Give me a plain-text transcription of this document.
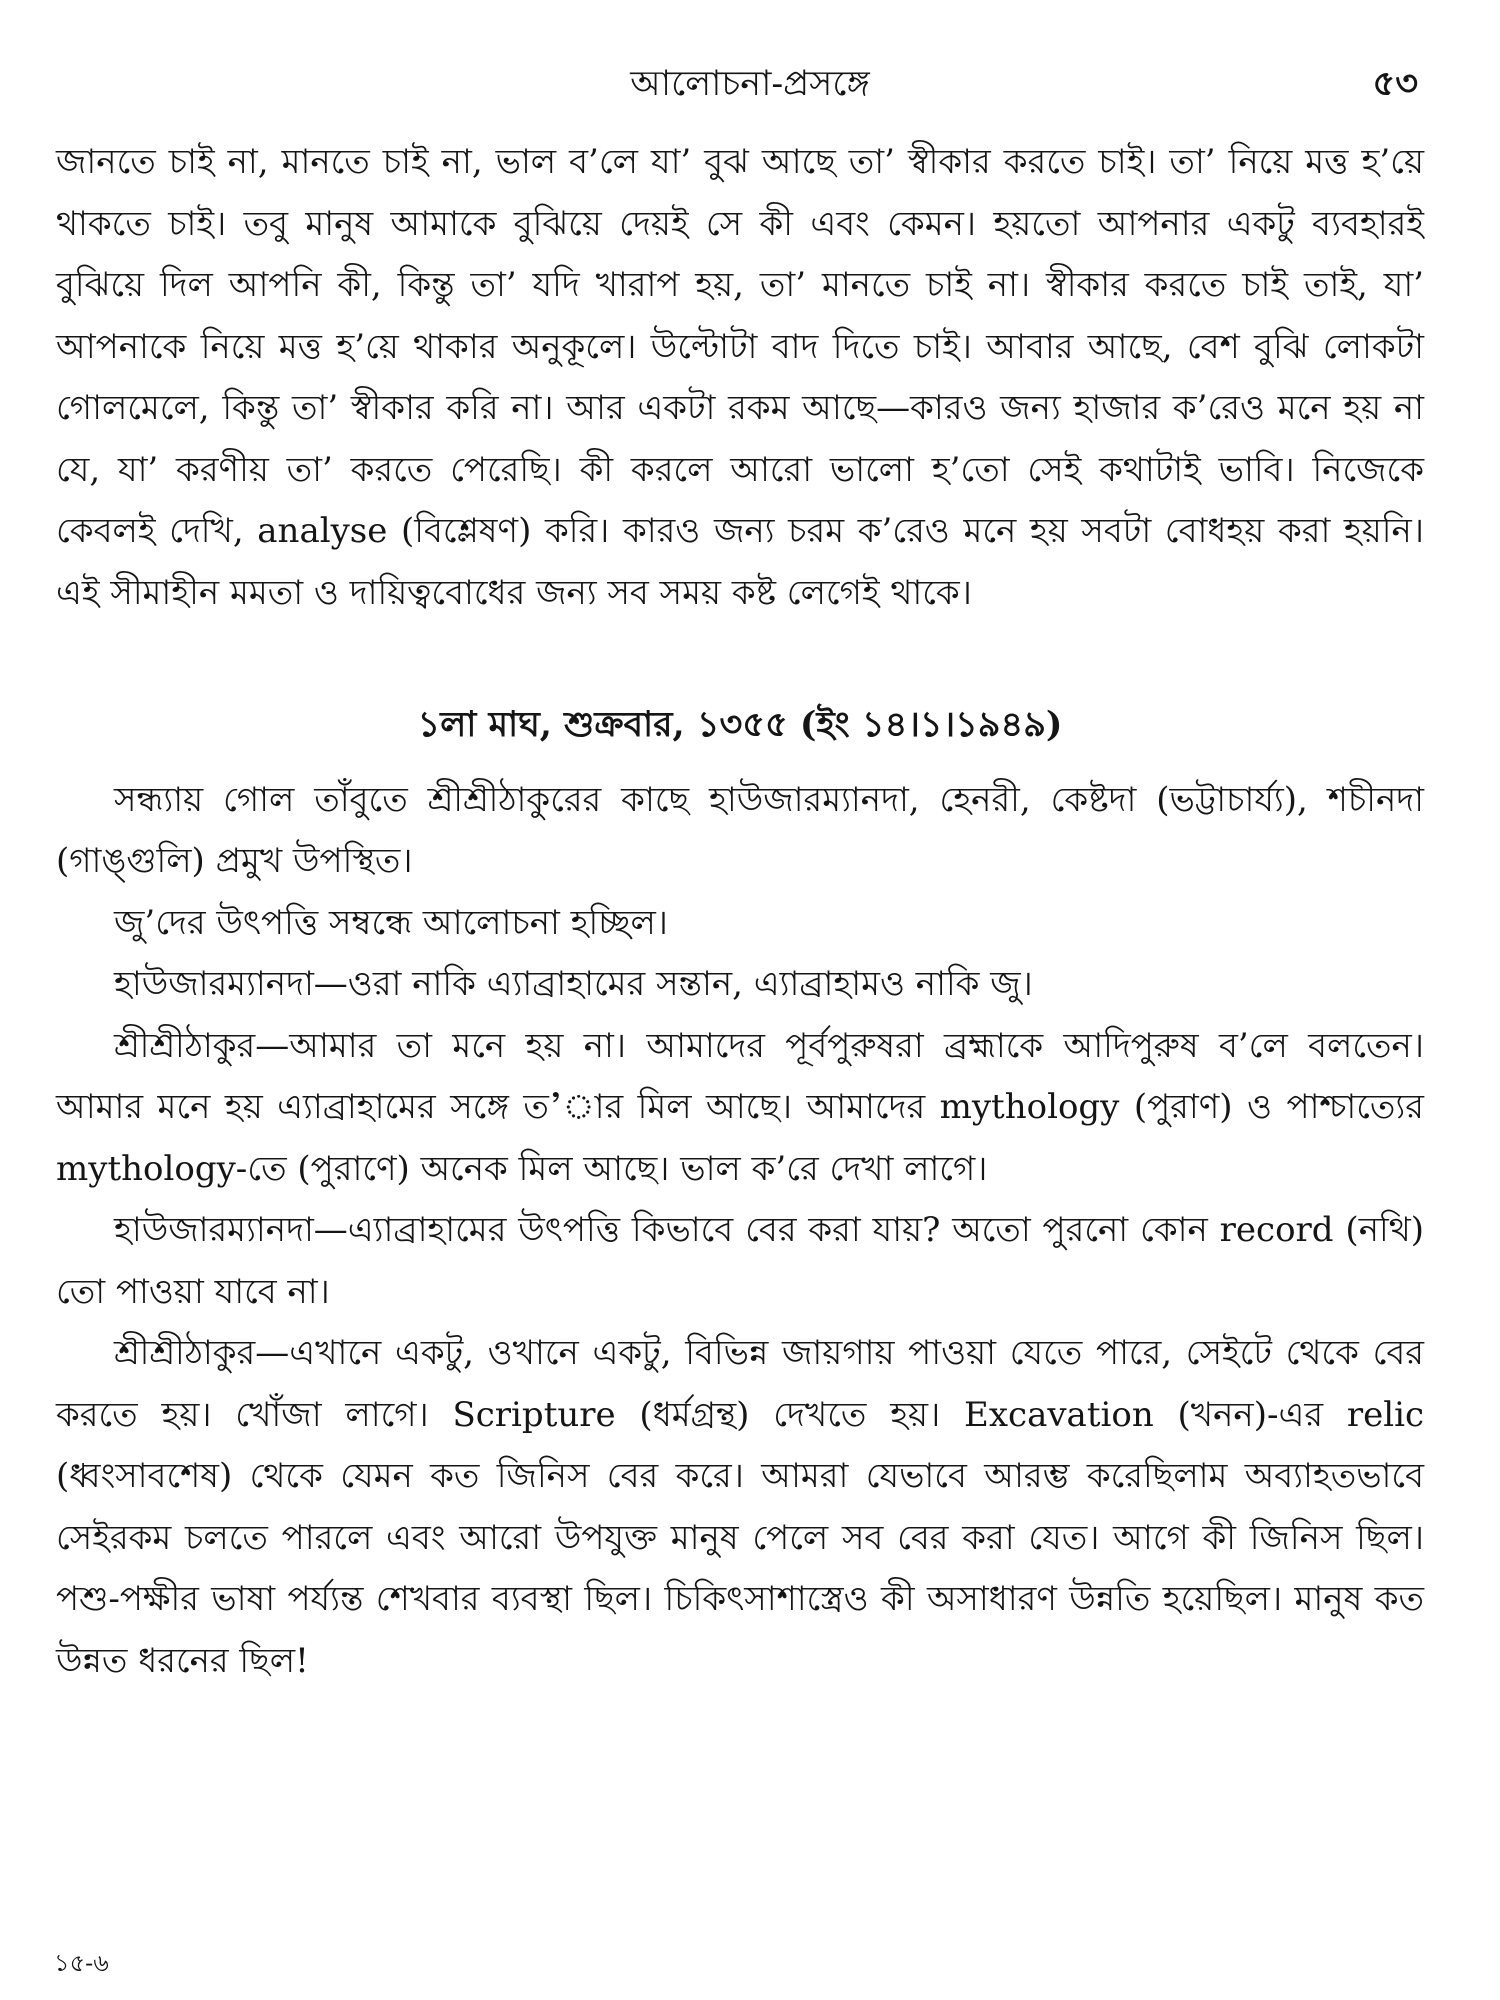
আলোচনা-প্রসঙ্গে	৫৩

জানতে চাই না, মানতে চাই না, ভাল ব’লে যা’ বুঝ আছে তা’ স্বীকার করতে চাই। তা’ নিয়ে মত্ত হ’য়ে থাকতে চাই। তবু মানুষ আমাকে বুঝিয়ে দেয়ই সে কী এবং কেমন। হয়তো আপনার একটু ব্যবহারই বুঝিয়ে দিল আপনি কী, কিন্তু তা’ যদি খারাপ হয়, তা’ মানতে চাই না। স্বীকার করতে চাই তাই, যা’ আপনাকে নিয়ে মত্ত হ’য়ে থাকার অনুকূলে। উল্টোটা বাদ দিতে চাই। আবার আছে, বেশ বুঝি লোকটা গোলমেলে, কিন্তু তা’ স্বীকার করি না। আর একটা রকম আছে—কারও জন্য হাজার ক’রেও মনে হয় না যে, যা’ করণীয় তা’ করতে পেরেছি। কী করলে আরো ভালো হ’তো সেই কথাটাই ভাবি। নিজেকে কেবলই দেখি, analyse (বিশ্লেষণ) করি। কারও জন্য চরম ক’রেও মনে হয় সবটা বোধহয় করা হয়নি। এই সীমাহীন মমতা ও দায়িত্ববোধের জন্য সব সময় কষ্ট লেগেই থাকে।

১লা মাঘ, শুক্রবার, ১৩৫৫ (ইং ১৪।১।১৯৪৯)

সন্ধ্যায় গোল তাঁবুতে শ্রীশ্রীঠাকুরের কাছে হাউজারম্যানদা, হেনরী, কেষ্টদা (ভট্টাচার্য্য), শচীনদা (গাঙ্গুলি) প্রমুখ উপস্থিত।

জু’দের উৎপত্তি সম্বন্ধে আলোচনা হচ্ছিল।

হাউজারম্যানদা—ওরা নাকি এ্যাব্রাহামের সন্তান, এ্যাব্রাহামও নাকি জু।

শ্রীশ্রীঠাকুর—আমার তা মনে হয় না। আমাদের পূর্বপুরুষরা ব্রহ্মাকে আদিপুরুষ ব’লে বলতেন। আমার মনে হয় এ্যাব্রাহামের সঙ্গে ত’ার মিল আছে। আমাদের mythology (পুরাণ) ও পাশ্চাত্যের mythology-তে (পুরাণে) অনেক মিল আছে। ভাল ক’রে দেখা লাগে।

হাউজারম্যানদা—এ্যাব্রাহামের উৎপত্তি কিভাবে বের করা যায়? অতো পুরনো কোন record (নথি) তো পাওয়া যাবে না।

শ্রীশ্রীঠাকুর—এখানে একটু, ওখানে একটু, বিভিন্ন জায়গায় পাওয়া যেতে পারে, সেইটে থেকে বের করতে হয়। খোঁজা লাগে। Scripture (ধর্মগ্রন্থ) দেখতে হয়। Excavation (খনন)-এর relic (ধ্বংসাবশেষ) থেকে যেমন কত জিনিস বের করে। আমরা যেভাবে আরম্ভ করেছিলাম অব্যাহতভাবে সেইরকম চলতে পারলে এবং আরো উপযুক্ত মানুষ পেলে সব বের করা যেত। আগে কী জিনিস ছিল। পশু-পক্ষীর ভাষা পর্য্যন্ত শেখবার ব্যবস্থা ছিল। চিকিৎসাশাস্ত্রেও কী অসাধারণ উন্নতি হয়েছিল। মানুষ কত উন্নত ধরনের ছিল!

১৫-৬
